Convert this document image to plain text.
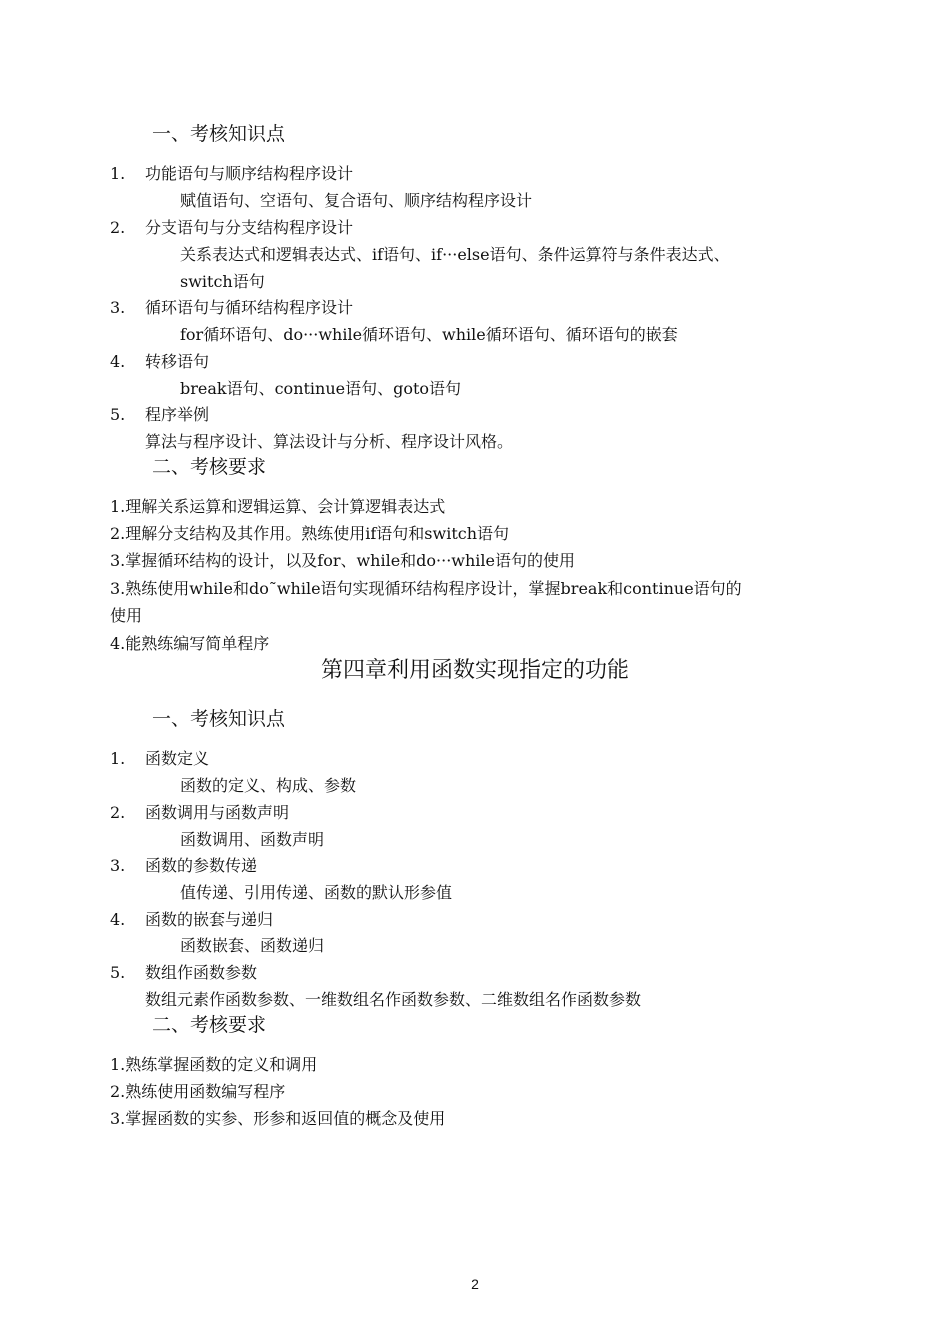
一、考核知识点
1. 功能语句与顺序结构程序设计
赋值语句、空语句、复合语句、顺序结构程序设计
2. 分支语句与分支结构程序设计
关系表达式和逻辑表达式、if语句、if···else语句、条件运算符与条件表达式、
switch语句
3. 循环语句与循环结构程序设计
for循环语句、do···while循环语句、while循环语句、循环语句的嵌套
4. 转移语句
break语句、continue语句、goto语句
5. 程序举例
算法与程序设计、算法设计与分析、程序设计风格。
二、考核要求
1.理解关系运算和逻辑运算、会计算逻辑表达式
2.理解分支结构及其作用。熟练使用if语句和switch语句
3.掌握循环结构的设计，以及for、while和do···while语句的使用
3.熟练使用while和do˜while语句实现循环结构程序设计，掌握break和continue语句的
使用
4.能熟练编写简单程序
第四章利用函数实现指定的功能
一、考核知识点
1. 函数定义
函数的定义、构成、参数
2. 函数调用与函数声明
函数调用、函数声明
3. 函数的参数传递
值传递、引用传递、函数的默认形参值
4. 函数的嵌套与递归
函数嵌套、函数递归
5. 数组作函数参数
数组元素作函数参数、一维数组名作函数参数、二维数组名作函数参数
二、考核要求
1.熟练掌握函数的定义和调用
2.熟练使用函数编写程序
3.掌握函数的实参、形参和返回值的概念及使用
2
